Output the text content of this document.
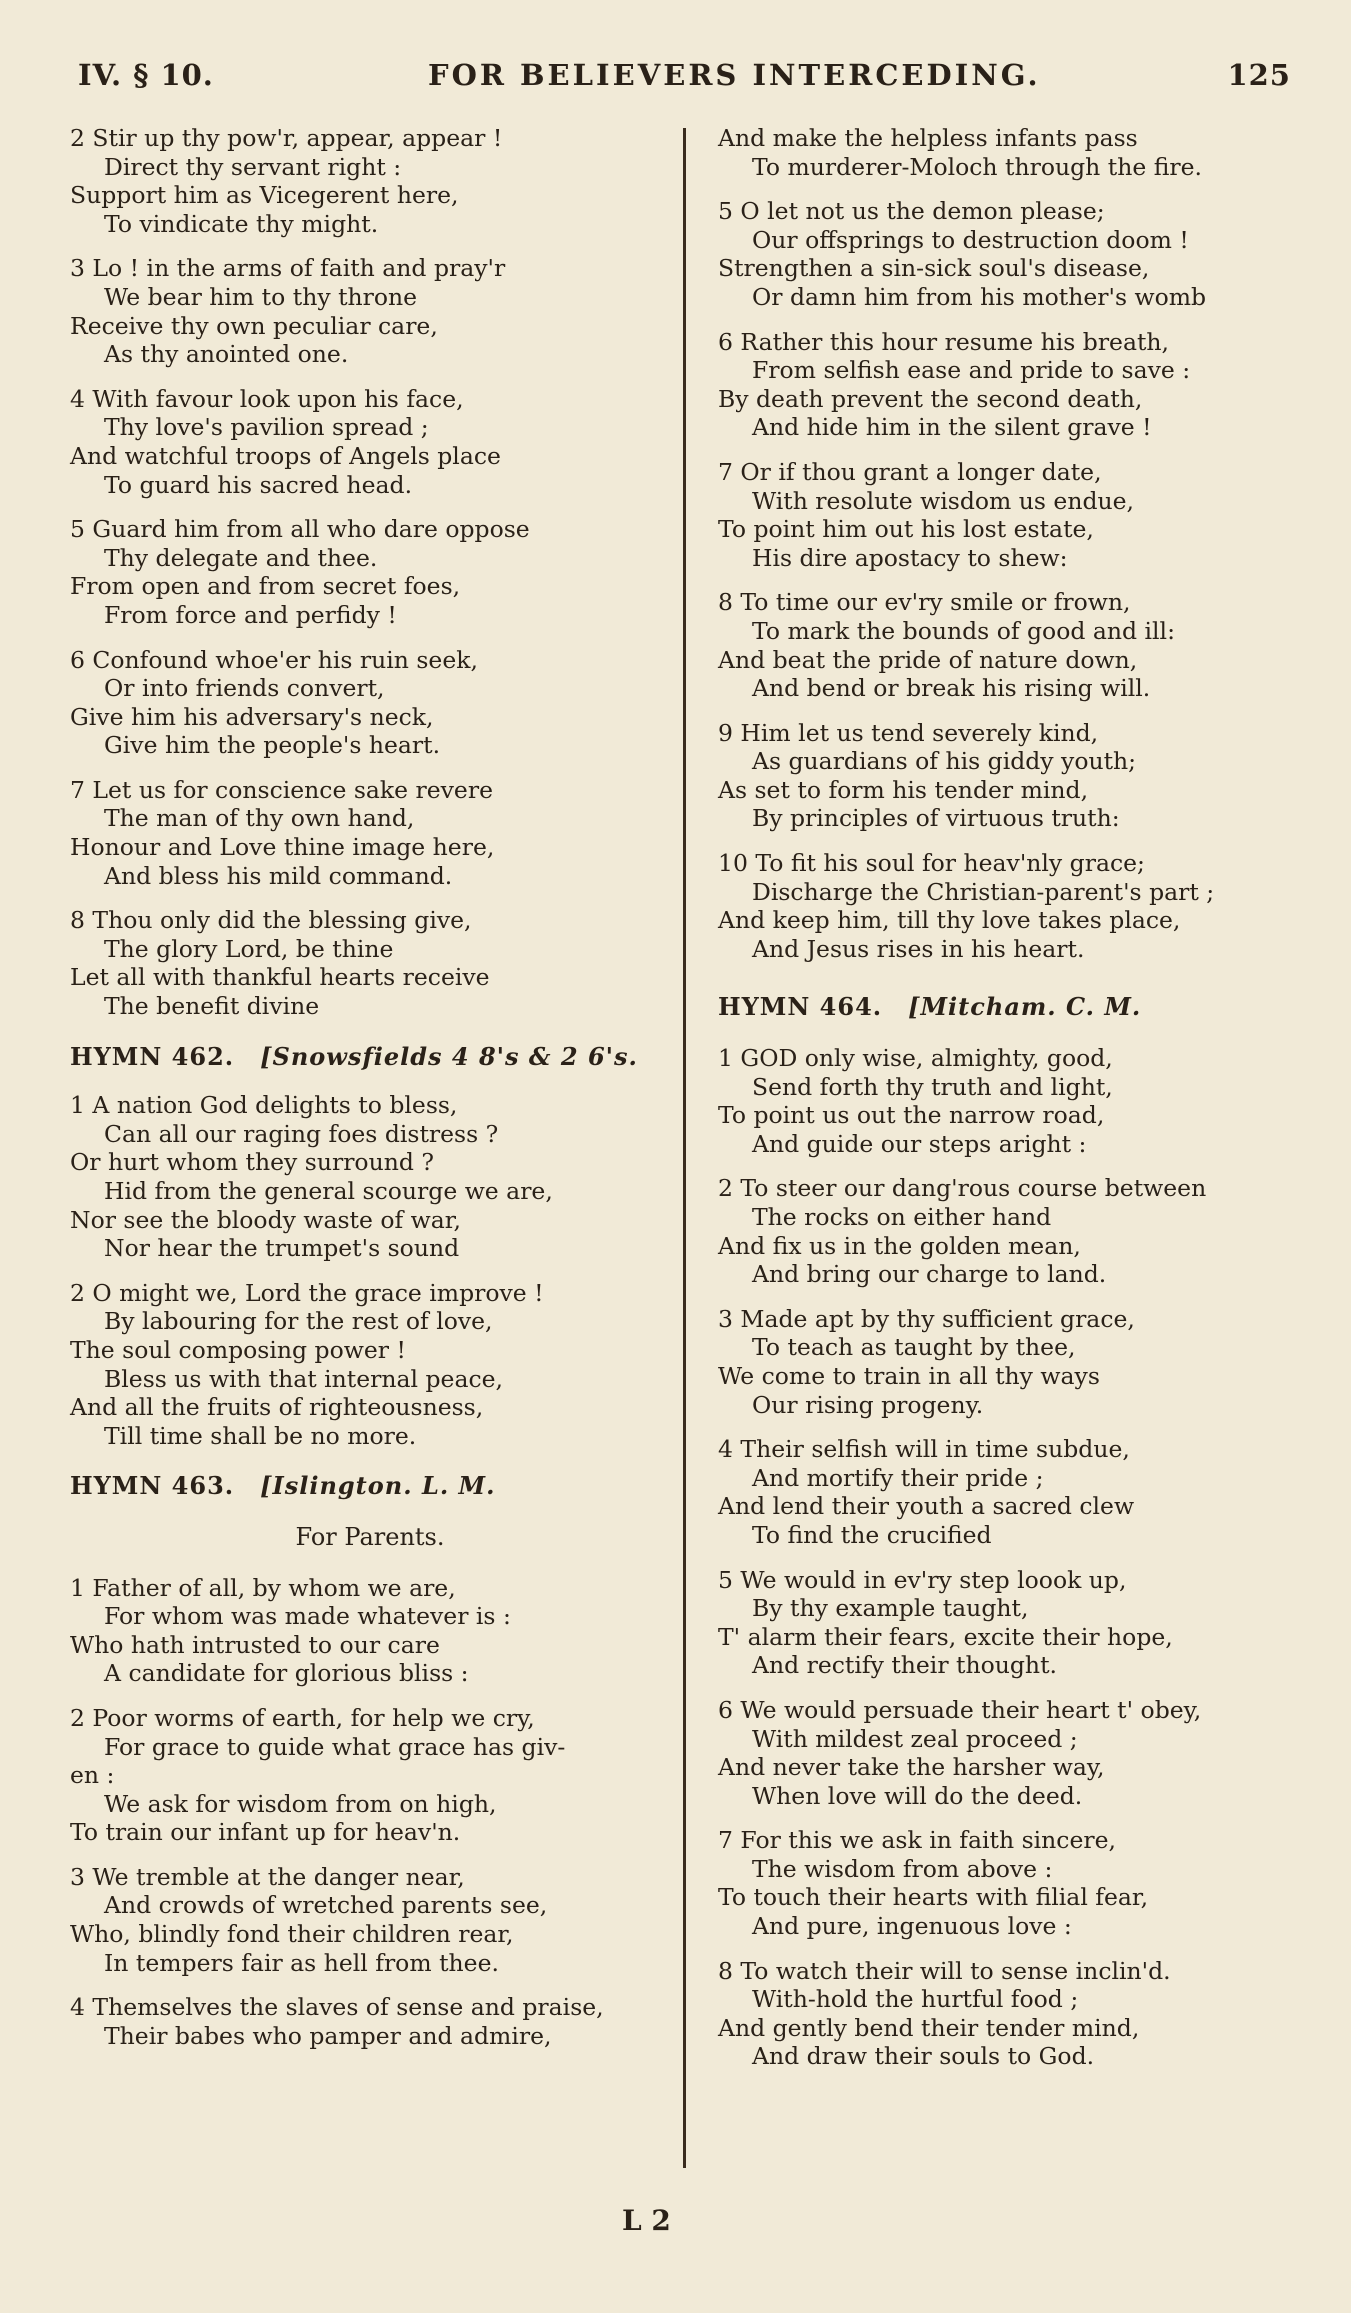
IV. § 10.	FOR BELIEVERS INTERCEDING.	125
2 Stir up thy pow'r, appear, appear !
Direct thy servant right :
Support him as Vicegerent here,
To vindicate thy might.
3 Lo ! in the arms of faith and pray'r
We bear him to thy throne
Receive thy own peculiar care,
As thy anointed one.
4 With favour look upon his face,
Thy love's pavilion spread ;
And watchful troops of Angels place
To guard his sacred head.
5 Guard him from all who dare oppose
Thy delegate and thee.
From open and from secret foes,
From force and perfidy !
6 Confound whoe'er his ruin seek,
Or into friends convert,
Give him his adversary's neck,
Give him the people's heart.
7 Let us for conscience sake revere
The man of thy own hand,
Honour and Love thine image here,
And bless his mild command.
8 Thou only did the blessing give,
The glory Lord, be thine
Let all with thankful hearts receive
The benefit divine

HYMN 462. [Snowsfields 4 8's & 2 6's.

1 A nation God delights to bless,
Can all our raging foes distress ?
Or hurt whom they surround ?
Hid from the general scourge we are,
Nor see the bloody waste of war,
Nor hear the trumpet's sound
2 O might we, Lord the grace improve !
By labouring for the rest of love,
The soul composing power !
Bless us with that internal peace,
And all the fruits of righteousness,
Till time shall be no more.

HYMN 463. [Islington. L. M.

For Parents.

1 Father of all, by whom we are,
For whom was made whatever is :
Who hath intrusted to our care
A candidate for glorious bliss :
2 Poor worms of earth, for help we cry,
For grace to guide what grace has giv-
en :
We ask for wisdom from on high,
To train our infant up for heav'n.
3 We tremble at the danger near,
And crowds of wretched parents see,
Who, blindly fond their children rear,
In tempers fair as hell from thee.
4 Themselves the slaves of sense and praise,
Their babes who pamper and admire,
And make the helpless infants pass
To murderer-Moloch through the fire.
5 O let not us the demon please;
Our offsprings to destruction doom !
Strengthen a sin-sick soul's disease,
Or damn him from his mother's womb
6 Rather this hour resume his breath,
From selfish ease and pride to save :
By death prevent the second death,
And hide him in the silent grave !
7 Or if thou grant a longer date,
With resolute wisdom us endue,
To point him out his lost estate,
His dire apostacy to shew:
8 To time our ev'ry smile or frown,
To mark the bounds of good and ill:
And beat the pride of nature down,
And bend or break his rising will.
9 Him let us tend severely kind,
As guardians of his giddy youth;
As set to form his tender mind,
By principles of virtuous truth:
10 To fit his soul for heav'nly grace;
Discharge the Christian-parent's part ;
And keep him, till thy love takes place,
And Jesus rises in his heart.

HYMN 464. [Mitcham. C. M.

1 GOD only wise, almighty, good,
Send forth thy truth and light,
To point us out the narrow road,
And guide our steps aright :
2 To steer our dang'rous course between
The rocks on either hand
And fix us in the golden mean,
And bring our charge to land.
3 Made apt by thy sufficient grace,
To teach as taught by thee,
We come to train in all thy ways
Our rising progeny.
4 Their selfish will in time subdue,
And mortify their pride ;
And lend their youth a sacred clew
To find the crucified
5 We would in ev'ry step loook up,
By thy example taught,
T' alarm their fears, excite their hope,
And rectify their thought.
6 We would persuade their heart t' obey,
With mildest zeal proceed ;
And never take the harsher way,
When love will do the deed.
7 For this we ask in faith sincere,
The wisdom from above :
To touch their hearts with filial fear,
And pure, ingenuous love :
8 To watch their will to sense inclin'd.
With-hold the hurtful food ;
And gently bend their tender mind,
And draw their souls to God.
L 2
